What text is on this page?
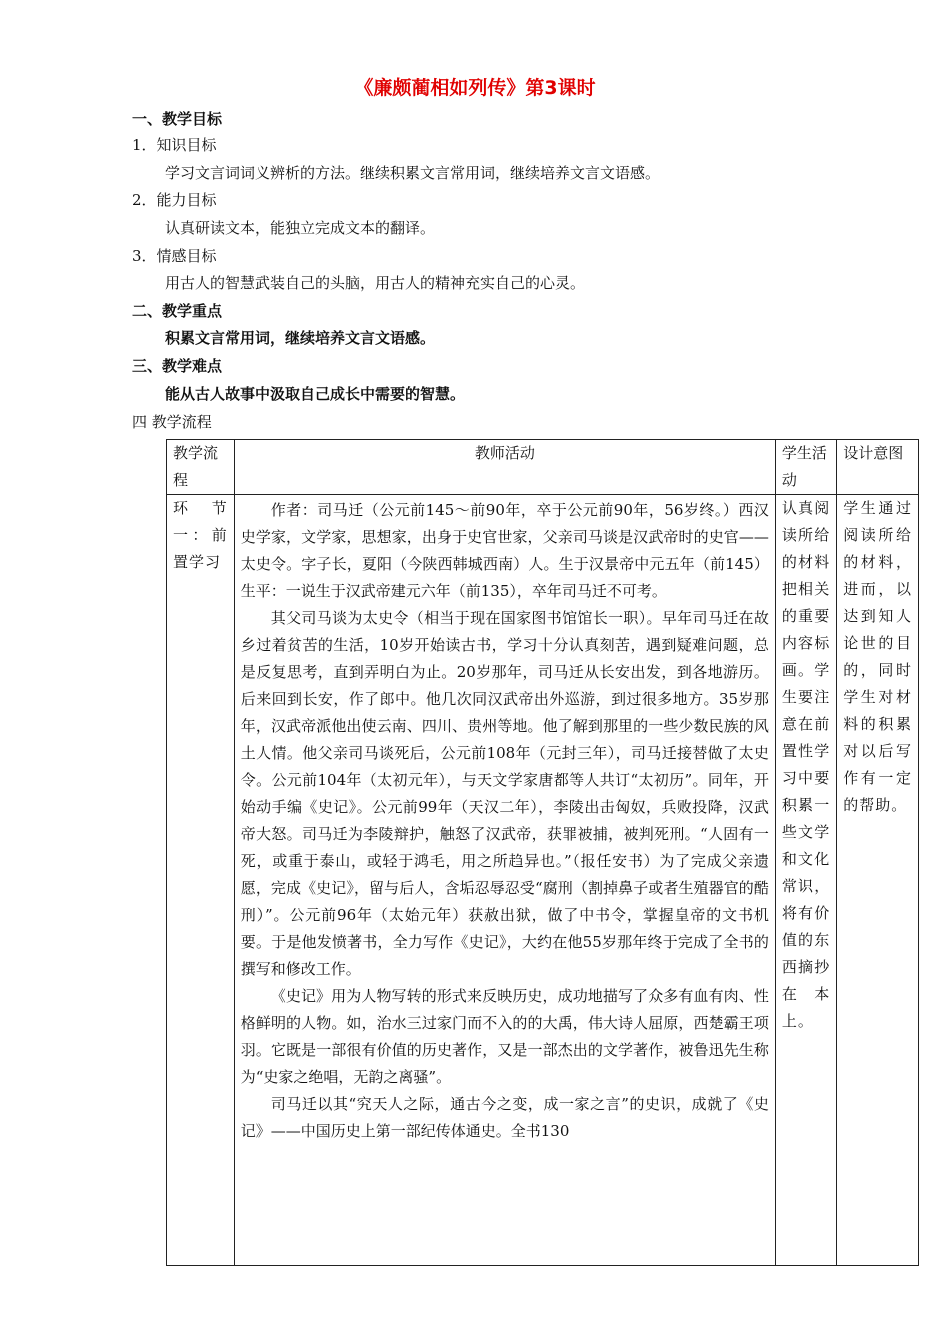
《廉颇蔺相如列传》第3课时
一、教学目标
1．知识目标
学习文言词词义辨析的方法。继续积累文言常用词，继续培养文言文语感。
2．能力目标
认真研读文本，能独立完成文本的翻译。
3．情感目标
用古人的智慧武装自己的头脑，用古人的精神充实自己的心灵。
二、教学重点
积累文言常用词，继续培养文言文语感。
三、教学难点
能从古人故事中汲取自己成长中需要的智慧。
四 教学流程
教学流程	教师活动	学生活动	设计意图
环节一：前置学习	作者：司马迁（公元前145～前90年，卒于公元前90年，56岁终。）西汉史学家，文学家，思想家，出身于史官世家，父亲司马谈是汉武帝时的史官——太史令。字子长，夏阳（今陕西韩城西南）人。生于汉景帝中元五年（前145）生平：一说生于汉武帝建元六年（前135），卒年司马迁不可考。

其父司马谈为太史令（相当于现在国家图书馆馆长一职）。早年司马迁在故乡过着贫苦的生活，10岁开始读古书，学习十分认真刻苦，遇到疑难问题，总是反复思考，直到弄明白为止。20岁那年，司马迁从长安出发，到各地游历。后来回到长安，作了郎中。他几次同汉武帝出外巡游，到过很多地方。35岁那年，汉武帝派他出使云南、四川、贵州等地。他了解到那里的一些少数民族的风土人情。他父亲司马谈死后，公元前108年（元封三年），司马迁接替做了太史令。公元前104年（太初元年），与天文学家唐都等人共订“太初历”。同年，开始动手编《史记》。公元前99年（天汉二年），李陵出击匈奴，兵败投降，汉武帝大怒。司马迁为李陵辩护，触怒了汉武帝，获罪被捕，被判死刑。“人固有一死，或重于泰山，或轻于鸿毛，用之所趋异也。”（报任安书）为了完成父亲遗愿，完成《史记》，留与后人，含垢忍辱忍受“腐刑（割掉鼻子或者生殖器官的酷刑）”。公元前96年（太始元年）获赦出狱，做了中书令，掌握皇帝的文书机要。于是他发愤著书，全力写作《史记》，大约在他55岁那年终于完成了全书的撰写和修改工作。

《史记》用为人物写转的形式来反映历史，成功地描写了众多有血有肉、性格鲜明的人物。如，治水三过家门而不入的的大禹，伟大诗人屈原，西楚霸王项羽。它既是一部很有价值的历史著作，又是一部杰出的文学著作，被鲁迅先生称为“史家之绝唱，无韵之离骚”。

司马迁以其“究天人之际，通古今之变，成一家之言”的史识，成就了《史记》——中国历史上第一部纪传体通史。全书130	认真阅读所给的材料把相关的重要内容标画。学生要注意在前置性学习中要积累一些文学和文化常识，将有价值的东西摘抄在本上。	学生通过阅读所给的材料，进而，以达到知人论世的目的，同时学生对材料的积累对以后写作有一定的帮助。
